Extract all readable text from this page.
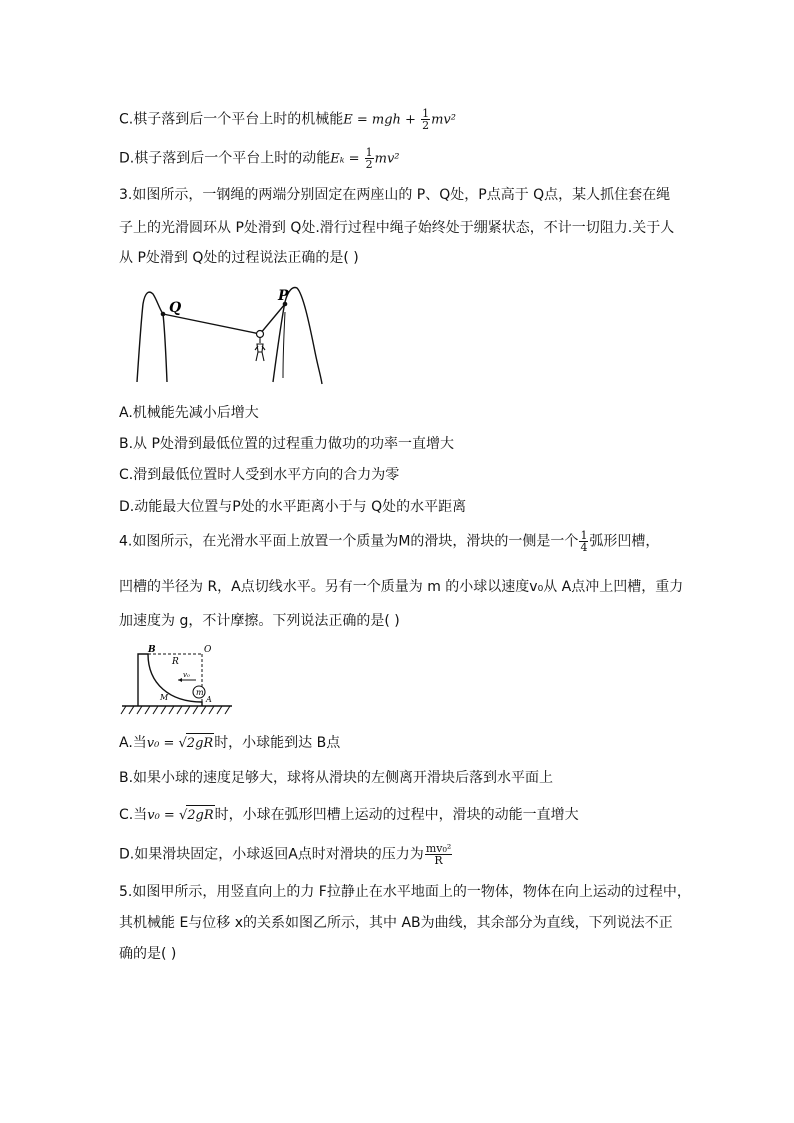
C.棋子落到后一个平台上时的机械能E = mgh + $\frac{1}{2} mv^2$
D.棋子落到后一个平台上时的动能$E_k = \frac{1}{2} mv^2$
3.如图所示，一钢绳的两端分别固定在两座山的 P、Q处，P点高于 Q点，某人抓住套在绳
子上的光滑圆环从 P处滑到 Q处.滑行过程中绳子始终处于绷紧状态，不计一切阻力.关于人
从 P处滑到 Q处的过程说法正确的是( )
Q
P
A.机械能先减小后增大
B.从 P处滑到最低位置的过程重力做功的功率一直增大
C.滑到最低位置时人受到水平方向的合力为零
D.动能最大位置与P处的水平距离小于与 Q处的水平距离
4.如图所示，在光滑水平面上放置一个质量为M的滑块，滑块的一侧是一个 $\frac{1}{4}$ 弧形凹槽，
凹槽的半径为 R，A点切线水平。另有一个质量为 m 的小球以速度v₀从 A点冲上凹槽，重力
加速度为 g，不计摩擦。下列说法正确的是( )
B	O
R
v₀
m
M	A
A.当v₀ = √2gR时，小球能到达 B点
B.如果小球的速度足够大，球将从滑块的左侧离开滑块后落到水平面上
C.当v₀ = √2gR时，小球在弧形凹槽上运动的过程中，滑块的动能一直增大
D.如果滑块固定，小球返回A点时对滑块的压力为 $\frac{\text{mv₀²}}{R}$
5.如图甲所示，用竖直向上的力 F拉静止在水平地面上的一物体，物体在向上运动的过程中，
其机械能 E与位移 x的关系如图乙所示，其中 AB为曲线，其余部分为直线，下列说法不正
确的是( )
